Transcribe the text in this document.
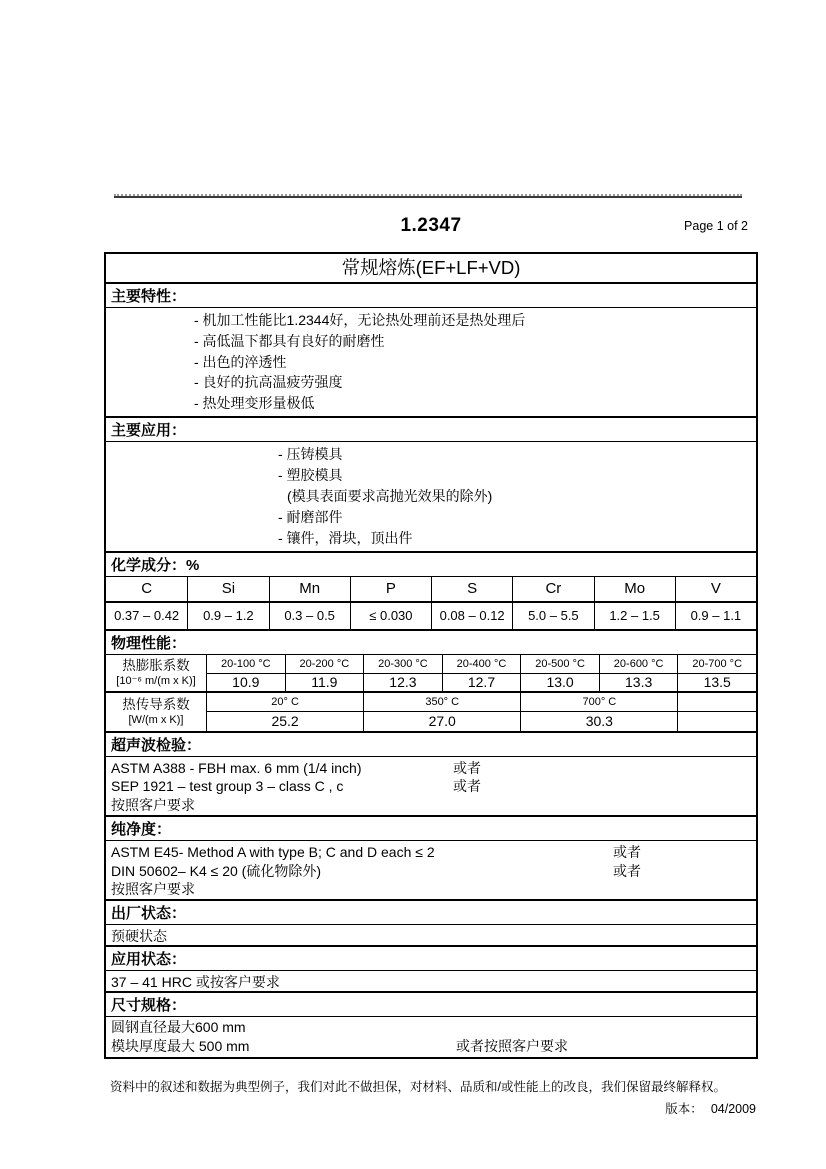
1.2347	Page 1 of 2
常规熔炼(EF+LF+VD)
主要特性：
- 机加工性能比1.2344好，无论热处理前还是热处理后
- 高低温下都具有良好的耐磨性
- 出色的淬透性
- 良好的抗高温疲劳强度
- 热处理变形量极低
主要应用：
- 压铸模具
- 塑胶模具
(模具表面要求高抛光效果的除外)
- 耐磨部件
- 镶件，滑块，顶出件
化学成分：%
C	Si	Mn	P	S	Cr	Mo	V
0.37 – 0.42	0.9 – 1.2	0.3 – 0.5	≤ 0.030	0.08 – 0.12	5.0 – 5.5	1.2 – 1.5	0.9 – 1.1
物理性能：
热膨胀系数
[10⁻⁶ m/(m x K)]
20-100 °C	20-200 °C	20-300 °C	20-400 °C	20-500 °C	20-600 °C	20-700 °C
10.9	11.9	12.3	12.7	13.0	13.3	13.5
热传导系数
[W/(m x K)]
20° C	350° C	700° C
25.2	27.0	30.3
超声波检验：
ASTM A388 - FBH max. 6 mm (1/4 inch)	或者
SEP 1921 – test group 3 – class C , c	或者
按照客户要求
纯净度：
ASTM E45- Method A with type B; C and D each ≤ 2	或者
DIN 50602– K4 ≤ 20 (硫化物除外)	或者
按照客户要求
出厂状态：
预硬状态
应用状态：
37 – 41 HRC 或按客户要求
尺寸规格：
圆钢直径最大600 mm
模块厚度最大 500 mm	或者按照客户要求
资料中的叙述和数据为典型例子，我们对此不做担保，对材料、品质和/或性能上的改良，我们保留最终解释权。
版本： 04/2009
